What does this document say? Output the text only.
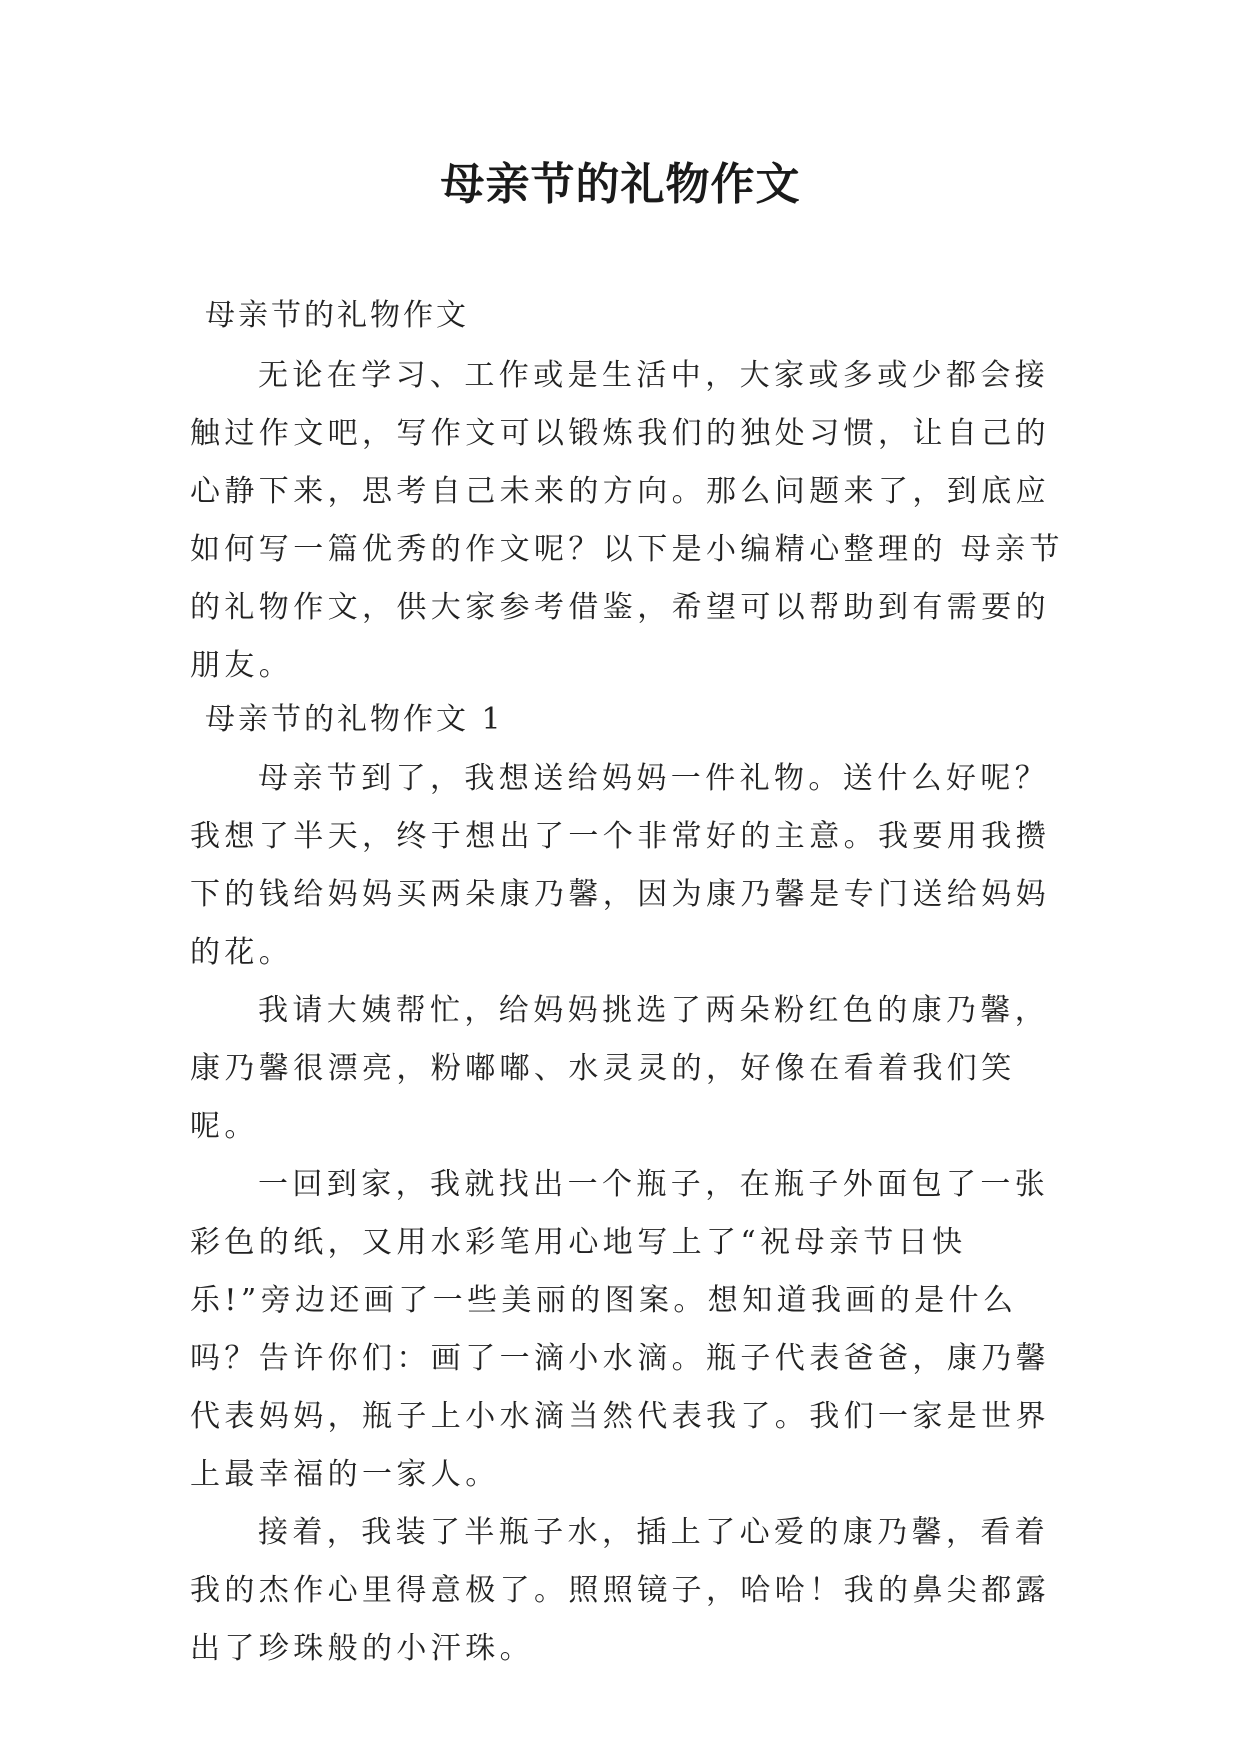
母亲节的礼物作文
母亲节的礼物作文

无论在学习、工作或是生活中，大家或多或少都会接触过作文吧，写作文可以锻炼我们的独处习惯，让自己的心静下来，思考自己未来的方向。那么问题来了，到底应如何写一篇优秀的作文呢？以下是小编精心整理的 母亲节的礼物作文，供大家参考借鉴，希望可以帮助到有需要的朋友。

母亲节的礼物作文 1

母亲节到了，我想送给妈妈一件礼物。送什么好呢？我想了半天，终于想出了一个非常好的主意。我要用我攒下的钱给妈妈买两朵康乃馨，因为康乃馨是专门送给妈妈的花。

我请大姨帮忙，给妈妈挑选了两朵粉红色的康乃馨，康乃馨很漂亮，粉嘟嘟、水灵灵的，好像在看着我们笑呢。

一回到家，我就找出一个瓶子，在瓶子外面包了一张彩色的纸，又用水彩笔用心地写上了“祝母亲节日快乐!”旁边还画了一些美丽的图案。想知道我画的是什么吗？告许你们：画了一滴小水滴。瓶子代表爸爸，康乃馨代表妈妈，瓶子上小水滴当然代表我了。我们一家是世界上最幸福的一家人。

接着，我装了半瓶子水，插上了心爱的康乃馨，看着我的杰作心里得意极了。照照镜子，哈哈！我的鼻尖都露出了珍珠般的小汗珠。
